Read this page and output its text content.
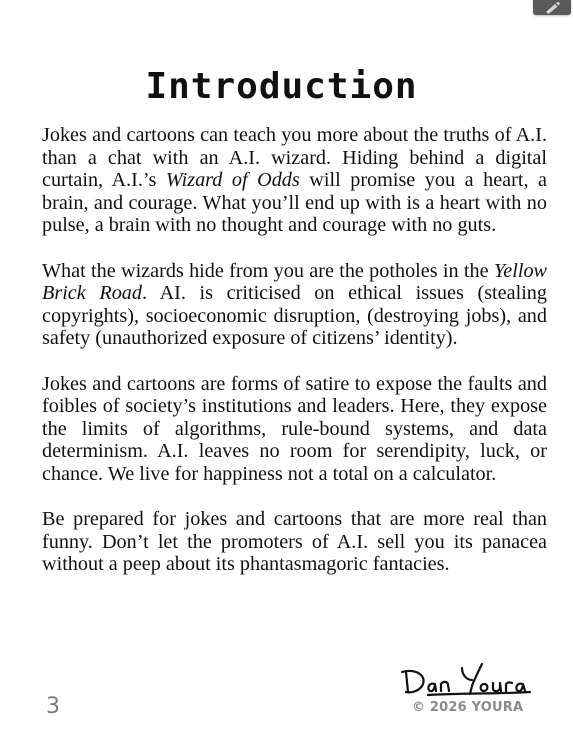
Introduction

Jokes and cartoons can teach you more about the truths of A.I. than a chat with an A.I. wizard. Hiding behind a digital curtain, A.I.’s Wizard of Odds will promise you a heart, a brain, and courage. What you’ll end up with is a heart with no pulse, a brain with no thought and courage with no guts.

What the wizards hide from you are the potholes in the Yellow Brick Road. AI. is criticised on ethical issues (stealing copyrights), socioeconomic disruption, (destroying jobs), and safety (unauthorized exposure of citizens’ identity).

Jokes and cartoons are forms of satire to expose the faults and foibles of society’s institutions and leaders. Here, they expose the limits of algorithms, rule-bound systems, and data determinism. A.I. leaves no room for serendipity, luck, or chance. We live for happiness not a total on a calculator.

Be prepared for jokes and cartoons that are more real than funny. Don’t let the promoters of A.I. sell you its panacea without a peep about its phantasmagoric fantacies.

© 2026 YOURA
3
